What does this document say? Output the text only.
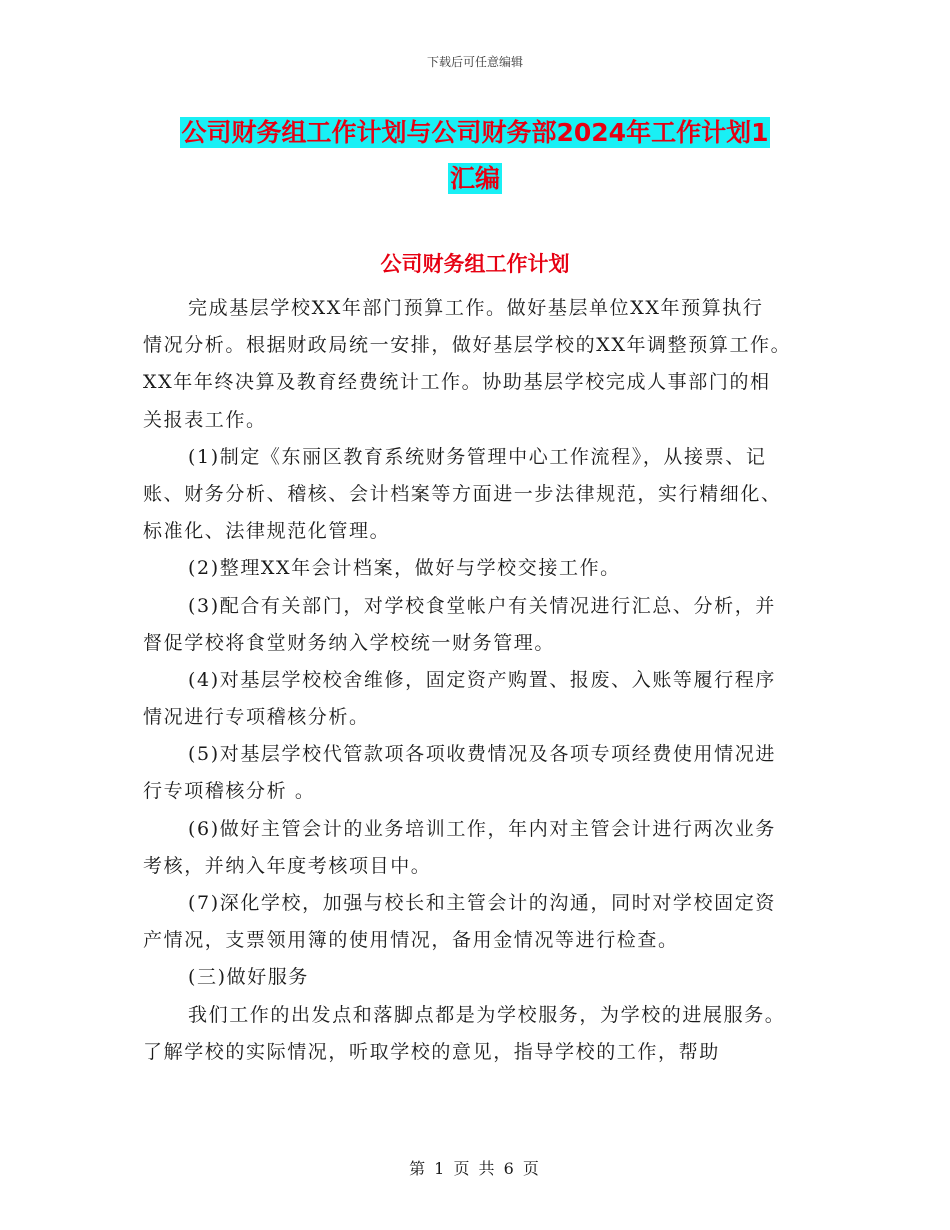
下载后可任意编辑
公司财务组工作计划与公司财务部2024年工作计划1
汇编
公司财务组工作计划
完成基层学校XX年部门预算工作。做好基层单位XX年预算执行
情况分析。根据财政局统一安排，做好基层学校的XX年调整预算工作。
XX年年终决算及教育经费统计工作。协助基层学校完成人事部门的相
关报表工作。
(1)制定《东丽区教育系统财务管理中心工作流程》，从接票、记
账、财务分析、稽核、会计档案等方面进一步法律规范，实行精细化、
标准化、法律规范化管理。
(2)整理XX年会计档案，做好与学校交接工作。
(3)配合有关部门，对学校食堂帐户有关情况进行汇总、分析，并
督促学校将食堂财务纳入学校统一财务管理。
(4)对基层学校校舍维修，固定资产购置、报废、入账等履行程序
情况进行专项稽核分析。
(5)对基层学校代管款项各项收费情况及各项专项经费使用情况进
行专项稽核分析 。
(6)做好主管会计的业务培训工作，年内对主管会计进行两次业务
考核，并纳入年度考核项目中。
(7)深化学校，加强与校长和主管会计的沟通，同时对学校固定资
产情况，支票领用簿的使用情况，备用金情况等进行检查。
(三)做好服务
我们工作的出发点和落脚点都是为学校服务，为学校的进展服务。
了解学校的实际情况，听取学校的意见，指导学校的工作，帮助
第 1 页 共 6 页
